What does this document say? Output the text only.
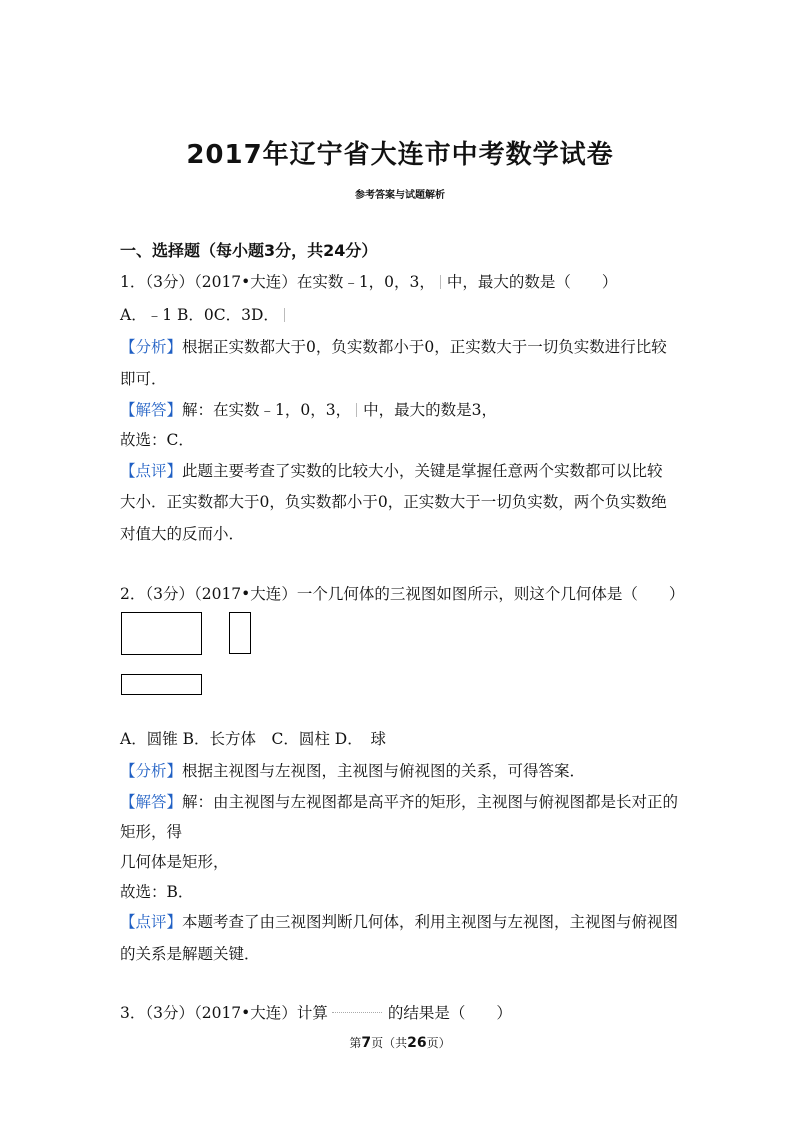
2017年辽宁省大连市中考数学试卷
参考答案与试题解析
一、选择题（每小题3分，共24分）
1．（3分）（2017•大连）在实数﹣1，0，3， 中，最大的数是（　　）
A．﹣1 B．0C．3D．
【分析】根据正实数都大于0，负实数都小于0，正实数大于一切负实数进行比较
即可．
【解答】解：在实数﹣1，0，3， 中，最大的数是3，
故选：C．
【点评】此题主要考查了实数的比较大小，关键是掌握任意两个实数都可以比较
大小．正实数都大于0，负实数都小于0，正实数大于一切负实数，两个负实数绝
对值大的反而小．
2．（3分）（2017•大连）一个几何体的三视图如图所示，则这个几何体是（　　）
A．圆锥 B．长方体　C．圆柱 D．　球
【分析】根据主视图与左视图，主视图与俯视图的关系，可得答案．
【解答】解：由主视图与左视图都是高平齐的矩形，主视图与俯视图都是长对正的
矩形，得
几何体是矩形，
故选：B．
【点评】本题考查了由三视图判断几何体，利用主视图与左视图，主视图与俯视图
的关系是解题关键．
3．（3分）（2017•大连）计算	的结果是（　　）
第7页（共26页）
